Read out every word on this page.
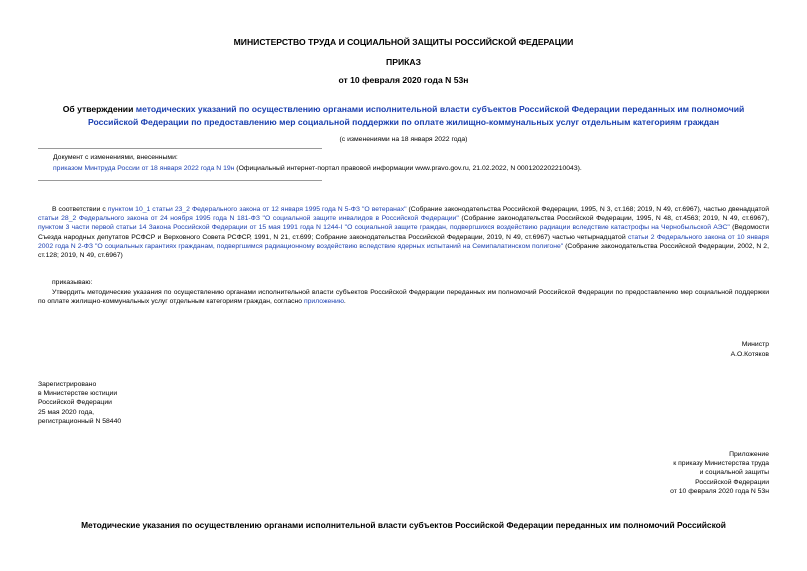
МИНИСТЕРСТВО ТРУДА И СОЦИАЛЬНОЙ ЗАЩИТЫ РОССИЙСКОЙ ФЕДЕРАЦИИ
ПРИКАЗ
от 10 февраля 2020 года N 53н
Об утверждении методических указаний по осуществлению органами исполнительной власти субъектов Российской Федерации переданных им полномочий
Российской Федерации по предоставлению мер социальной поддержки по оплате жилищно-коммунальных услуг отдельным категориям граждан
(с изменениями на 18 января 2022 года)
Документ с изменениями, внесенными:
приказом Минтруда России от 18 января 2022 года N 19н (Официальный интернет-портал правовой информации www.pravo.gov.ru, 21.02.2022, N 0001202202210043).
В соответствии с пунктом 10_1 статьи 23_2 Федерального закона от 12 января 1995 года N 5-ФЗ "О ветеранах" (Собрание законодательства Российской Федерации, 1995, N 3, ст.168; 2019, N 49, ст.6967), частью двенадцатой статьи 28_2 Федерального закона от 24 ноября 1995 года N 181-ФЗ "О социальной защите инвалидов в Российской Федерации" (Собрание законодательства Российской Федерации, 1995, N 48, ст.4563; 2019, N 49, ст.6967), пунктом 3 части первой статьи 14 Закона Российской Федерации от 15 мая 1991 года N 1244-I "О социальной защите граждан, подвергшихся воздействию радиации вследствие катастрофы на Чернобыльской АЭС" (Ведомости Съезда народных депутатов РСФСР и Верховного Совета РСФСР, 1991, N 21, ст.699; Собрание законодательства Российской Федерации, 2019, N 49, ст.6967) частью четырнадцатой статьи 2 Федерального закона от 10 января 2002 года N 2-ФЗ "О социальных гарантиях гражданам, подвергшимся радиационному воздействию вследствие ядерных испытаний на Семипалатинском полигоне" (Собрание законодательства Российской Федерации, 2002, N 2, ст.128; 2019, N 49, ст.6967)
приказываю:
Утвердить методические указания по осуществлению органами исполнительной власти субъектов Российской Федерации переданных им полномочий Российской Федерации по предоставлению мер социальной поддержки по оплате жилищно-коммунальных услуг отдельным категориям граждан, согласно приложению.
Министр
А.О.Котяков
Зарегистрировано
в Министерстве юстиции
Российской Федерации
25 мая 2020 года,
регистрационный N 58440
Приложение
к приказу Министерства труда
и социальной защиты
Российской Федерации
от 10 февраля 2020 года N 53н
Методические указания по осуществлению органами исполнительной власти субъектов Российской Федерации переданных им полномочий Российской
